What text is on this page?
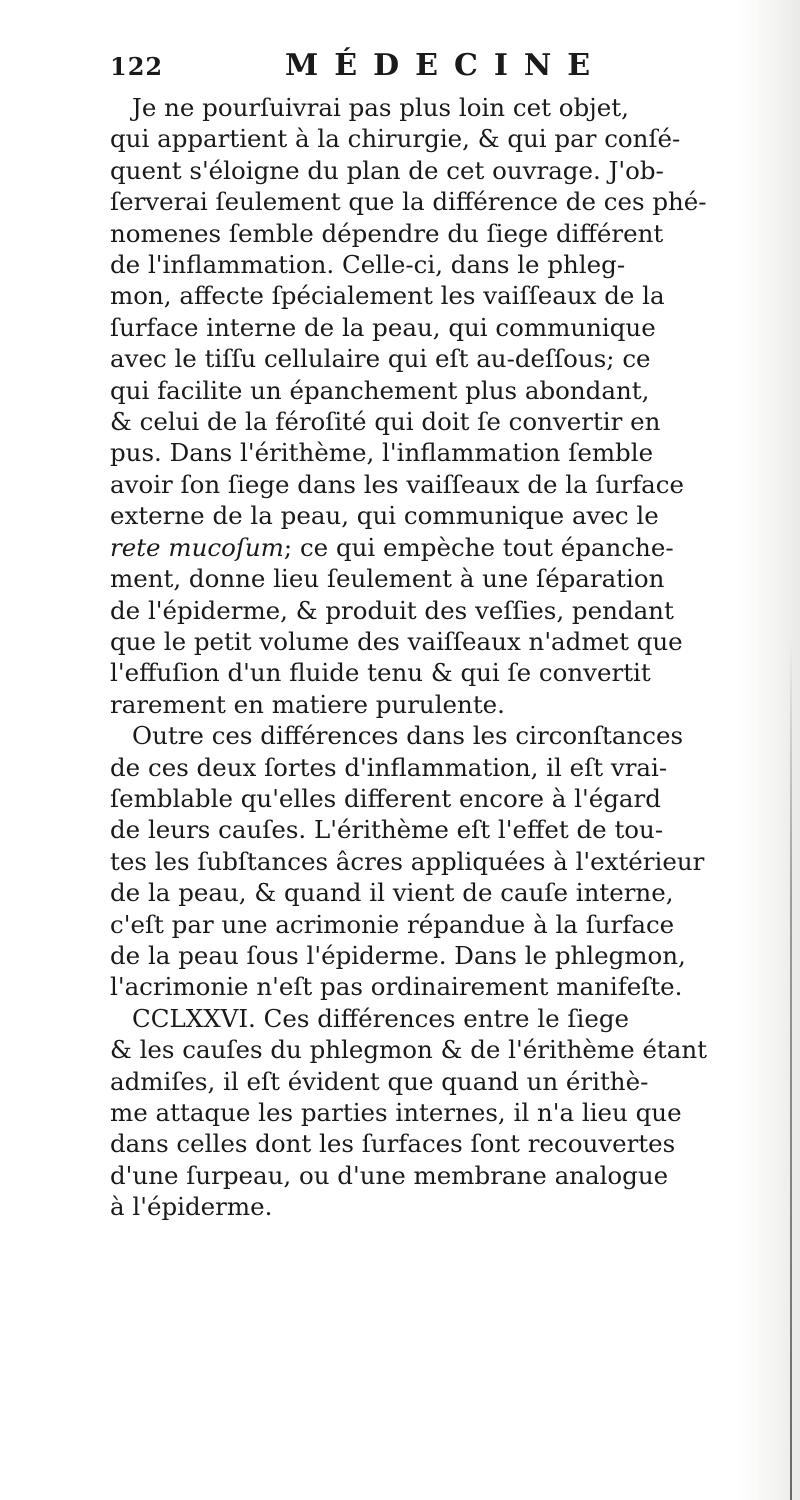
122	MÉDECINE
Je ne pourſuivrai pas plus loin cet objet,
qui appartient à la chirurgie, & qui par conſé-
quent s'éloigne du plan de cet ouvrage. J'ob-
ſerverai ſeulement que la différence de ces phé-
nomenes ſemble dépendre du ſiege différent
de l'inflammation. Celle-ci, dans le phleg-
mon, affecte ſpécialement les vaiſſeaux de la
ſurface interne de la peau, qui communique
avec le tiſſu cellulaire qui eſt au-deſſous; ce
qui facilite un épanchement plus abondant,
& celui de la féroſité qui doit ſe convertir en
pus. Dans l'érithème, l'inflammation ſemble
avoir ſon ſiege dans les vaiſſeaux de la ſurface
externe de la peau, qui communique avec le
rete mucoſum; ce qui empèche tout épanche-
ment, donne lieu ſeulement à une ſéparation
de l'épiderme, & produit des veſſies, pendant
que le petit volume des vaiſſeaux n'admet que
l'effuſion d'un fluide tenu & qui ſe convertit
rarement en matiere purulente.
Outre ces différences dans les circonſtances
de ces deux ſortes d'inflammation, il eſt vrai-
ſemblable qu'elles different encore à l'égard
de leurs cauſes. L'érithème eſt l'effet de tou-
tes les ſubſtances âcres appliquées à l'extérieur
de la peau, & quand il vient de cauſe interne,
c'eſt par une acrimonie répandue à la ſurface
de la peau ſous l'épiderme. Dans le phlegmon,
l'acrimonie n'eſt pas ordinairement manifeſte.
CCLXXVI. Ces différences entre le ſiege
& les cauſes du phlegmon & de l'érithème étant
admiſes, il eſt évident que quand un érithè-
me attaque les parties internes, il n'a lieu que
dans celles dont les ſurfaces ſont recouvertes
d'une ſurpeau, ou d'une membrane analogue
à l'épiderme.
